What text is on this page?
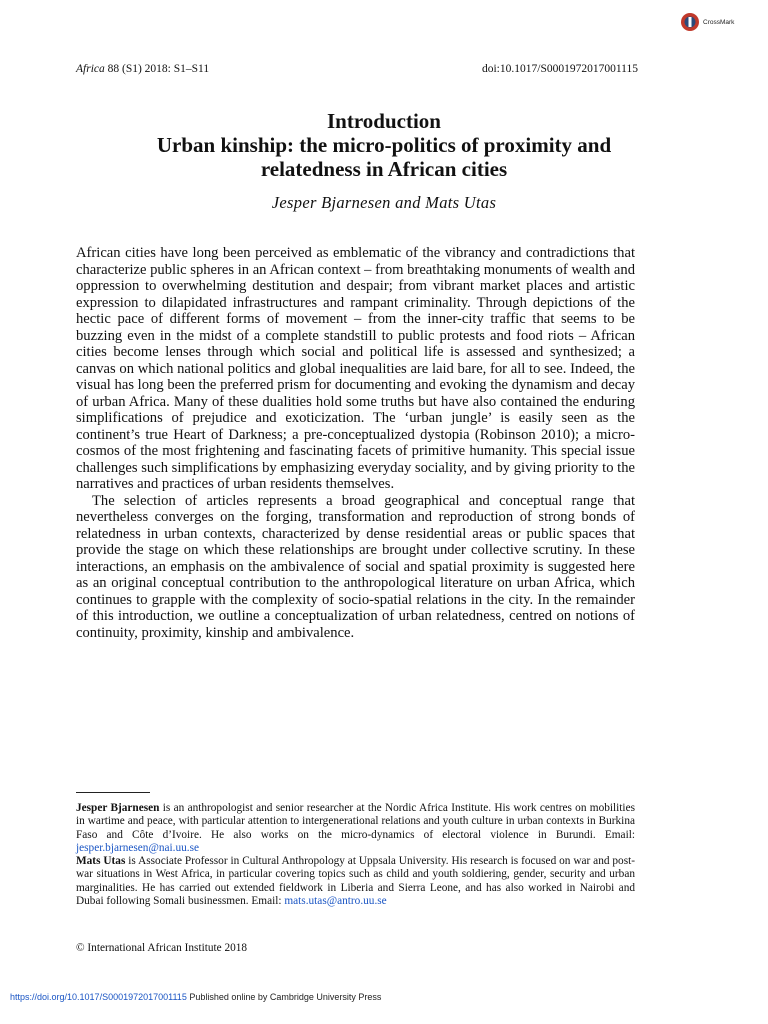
CrossMark
Africa 88 (S1) 2018: S1–S11	doi:10.1017/S0001972017001115
Introduction
Urban kinship: the micro-politics of proximity and
relatedness in African cities
Jesper Bjarnesen and Mats Utas

African cities have long been perceived as emblematic of the vibrancy and contradictions that characterize public spheres in an African context – from breathtaking monuments of wealth and oppression to overwhelming destitution and despair; from vibrant market places and artistic expression to dilapidated infrastructures and rampant criminality. Through depictions of the hectic pace of different forms of movement – from the inner-city traffic that seems to be buzzing even in the midst of a complete standstill to public protests and food riots – African cities become lenses through which social and political life is assessed and synthesized; a canvas on which national politics and global inequalities are laid bare, for all to see. Indeed, the visual has long been the preferred prism for documenting and evoking the dynamism and decay of urban Africa. Many of these dualities hold some truths but have also contained the enduring simplifications of prejudice and exoticization. The ‘urban jungle’ is easily seen as the continent’s true Heart of Darkness; a pre-conceptualized dystopia (Robinson 2010); a micro-cosmos of the most frightening and fascinating facets of primitive humanity. This special issue challenges such simplifications by emphasizing everyday sociality, and by giving priority to the narratives and practices of urban residents themselves.

The selection of articles represents a broad geographical and conceptual range that nevertheless converges on the forging, transformation and reproduction of strong bonds of relatedness in urban contexts, characterized by dense residential areas or public spaces that provide the stage on which these relationships are brought under collective scrutiny. In these interactions, an emphasis on the ambivalence of social and spatial proximity is suggested here as an original conceptual contribution to the anthropological literature on urban Africa, which continues to grapple with the complexity of socio-spatial relations in the city. In the remainder of this introduction, we outline a conceptualization of urban relatedness, centred on notions of continuity, proximity, kinship and ambivalence.

Jesper Bjarnesen is an anthropologist and senior researcher at the Nordic Africa Institute. His work centres on mobilities in wartime and peace, with particular attention to intergenerational relations and youth culture in urban contexts in Burkina Faso and Côte d’Ivoire. He also works on the micro-dynamics of electoral violence in Burundi. Email: jesper.bjarnesen@nai.uu.se

Mats Utas is Associate Professor in Cultural Anthropology at Uppsala University. His research is focused on war and post-war situations in West Africa, in particular covering topics such as child and youth soldiering, gender, security and urban marginalities. He has carried out extended fieldwork in Liberia and Sierra Leone, and has also worked in Nairobi and Dubai following Somali businessmen. Email: mats.utas@antro.uu.se

© International African Institute 2018
https://doi.org/10.1017/S0001972017001115 Published online by Cambridge University Press
